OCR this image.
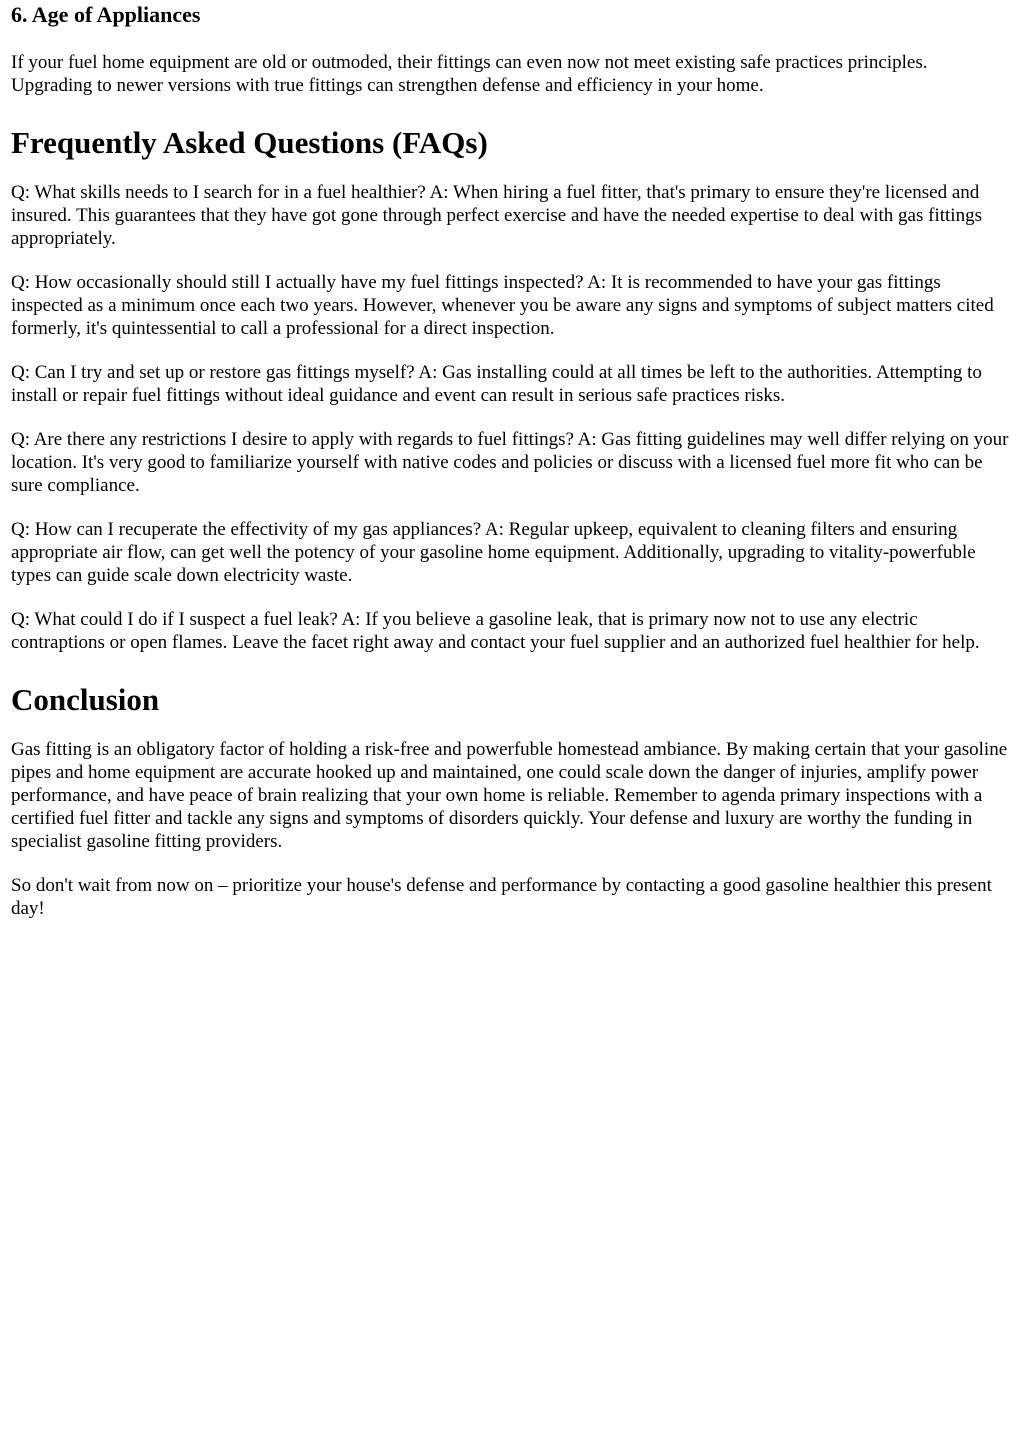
6. Age of Appliances

If your fuel home equipment are old or outmoded, their fittings can even now not meet existing safe practices principles. Upgrading to newer versions with true fittings can strengthen defense and efficiency in your home.

Frequently Asked Questions (FAQs)

Q: What skills needs to I search for in a fuel healthier? A: When hiring a fuel fitter, that's primary to ensure they're licensed and insured. This guarantees that they have got gone through perfect exercise and have the needed expertise to deal with gas fittings appropriately.

Q: How occasionally should still I actually have my fuel fittings inspected? A: It is recommended to have your gas fittings inspected as a minimum once each two years. However, whenever you be aware any signs and symptoms of subject matters cited formerly, it's quintessential to call a professional for a direct inspection.

Q: Can I try and set up or restore gas fittings myself? A: Gas installing could at all times be left to the authorities. Attempting to install or repair fuel fittings without ideal guidance and event can result in serious safe practices risks.

Q: Are there any restrictions I desire to apply with regards to fuel fittings? A: Gas fitting guidelines may well differ relying on your location. It's very good to familiarize yourself with native codes and policies or discuss with a licensed fuel more fit who can be sure compliance.

Q: How can I recuperate the effectivity of my gas appliances? A: Regular upkeep, equivalent to cleaning filters and ensuring appropriate air flow, can get well the potency of your gasoline home equipment. Additionally, upgrading to vitality-powerfuble types can guide scale down electricity waste.

Q: What could I do if I suspect a fuel leak? A: If you believe a gasoline leak, that is primary now not to use any electric contraptions or open flames. Leave the facet right away and contact your fuel supplier and an authorized fuel healthier for help.

Conclusion

Gas fitting is an obligatory factor of holding a risk-free and powerfuble homestead ambiance. By making certain that your gasoline pipes and home equipment are accurate hooked up and maintained, one could scale down the danger of injuries, amplify power performance, and have peace of brain realizing that your own home is reliable. Remember to agenda primary inspections with a certified fuel fitter and tackle any signs and symptoms of disorders quickly. Your defense and luxury are worthy the funding in specialist gasoline fitting providers.

So don't wait from now on – prioritize your house's defense and performance by contacting a good gasoline healthier this present day!
